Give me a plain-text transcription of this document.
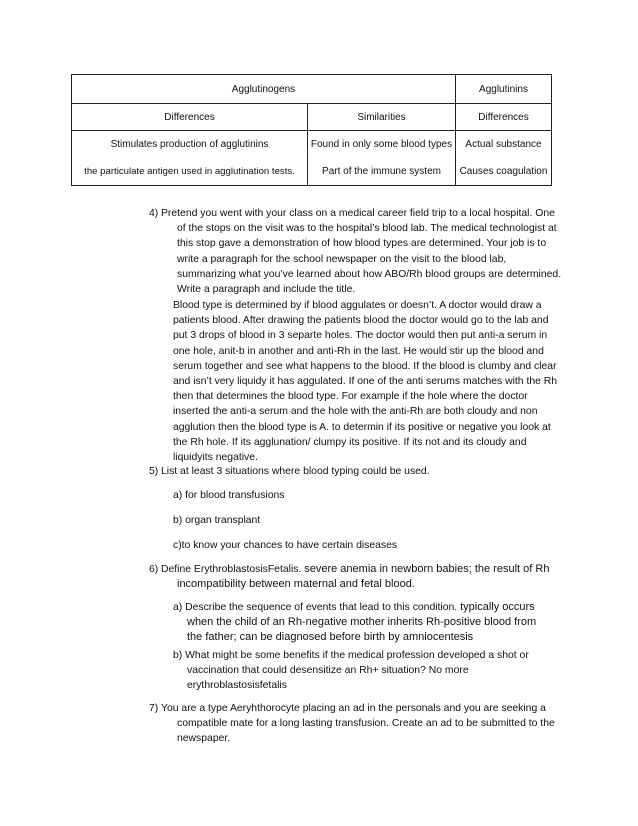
Agglutinogens		Agglutinins
Differences	Similarities	Differences
Stimulates production of agglutinins	Found in only some blood types	Actual substance
the particulate antigen used in agglutination tests.	Part of the immune system	Causes coagulation
4) Pretend you went with your class on a medical career field trip to a local hospital. One
of the stops on the visit was to the hospital’s blood lab. The medical technologist at
this stop gave a demonstration of how blood types are determined. Your job is to
write a paragraph for the school newspaper on the visit to the blood lab,
summarizing what you’ve learned about how ABO/Rh blood groups are determined.
Write a paragraph and include the title.
Blood type is determined by if blood aggulates or doesn’t. A doctor would draw a
patients blood. After drawing the patients blood the doctor would go to the lab and
put 3 drops of blood in 3 separte holes. The doctor would then put anti-a serum in
one hole, anit-b in another and anti-Rh in the last. He would stir up the blood and
serum together and see what happens to the blood. If the blood is clumby and clear
and isn’t very liquidy it has aggulated. If one of the anti serums matches with the Rh
then that determines the blood type. For example if the hole where the doctor
inserted the anti-a serum and the hole with the anti-Rh are both cloudy and non
agglution then the blood type is A. to determin if its positive or negative you look at
the Rh hole. If its agglunation/ clumpy its positive. If its not and its cloudy and
liquidyits negative.
5) List at least 3 situations where blood typing could be used.
a) for blood transfusions
b) organ transplant
c)to know your chances to have certain diseases
6) Define ErythroblastosisFetalis. severe anemia in newborn babies; the result of Rh
incompatibility between maternal and fetal blood.
a) Describe the sequence of events that lead to this condition. typically occurs
when the child of an Rh-negative mother inherits Rh-positive blood from
the father; can be diagnosed before birth by amniocentesis
b) What might be some benefits if the medical profession developed a shot or
vaccination that could desensitize an Rh+ situation? No more
erythroblastosisfetalis
7) You are a type Aeryhthorocyte placing an ad in the personals and you are seeking a
compatible mate for a long lasting transfusion. Create an ad to be submitted to the
newspaper.
